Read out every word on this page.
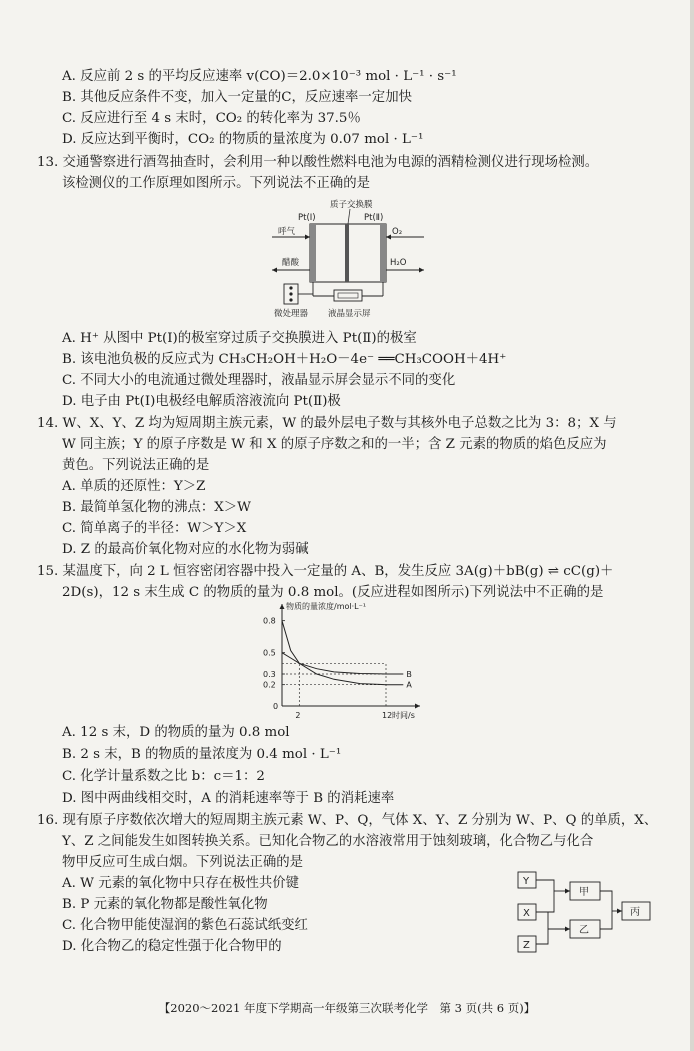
A. 反应前 2 s 的平均反应速率 v(CO)＝2.0×10⁻³ mol · L⁻¹ · s⁻¹
B. 其他反应条件不变，加入一定量的C，反应速率一定加快
C. 反应进行至 4 s 末时，CO₂ 的转化率为 37.5％
D. 反应达到平衡时，CO₂ 的物质的量浓度为 0.07 mol · L⁻¹
13. 交通警察进行酒驾抽查时，会利用一种以酸性燃料电池为电源的酒精检测仪进行现场检测。
该检测仪的工作原理如图所示。下列说法不正确的是
质子交换膜
Pt(Ⅰ)	Pt(Ⅱ)
呼气	O₂
醋酸	H₂O
微处理器 液晶显示屏
A. H⁺ 从图中 Pt(Ⅰ)的极室穿过质子交换膜进入 Pt(Ⅱ)的极室
B. 该电池负极的反应式为 CH₃CH₂OH＋H₂O－4e⁻ ══CH₃COOH＋4H⁺
C. 不同大小的电流通过微处理器时，液晶显示屏会显示不同的变化
D. 电子由 Pt(Ⅰ)电极经电解质溶液流向 Pt(Ⅱ)极
14. W、X、Y、Z 均为短周期主族元素，W 的最外层电子数与其核外电子总数之比为 3：8；X 与
W 同主族；Y 的原子序数是 W 和 X 的原子序数之和的一半；含 Z 元素的物质的焰色反应为
黄色。下列说法正确的是
A. 单质的还原性：Y＞Z
B. 最简单氢化物的沸点：X＞W
C. 简单离子的半径：W＞Y＞X
D. Z 的最高价氧化物对应的水化物为弱碱
15. 某温度下，向 2 L 恒容密闭容器中投入一定量的 A、B，发生反应 3A(g)＋bB(g) ⇌ cC(g)＋
2D(s)，12 s 末生成 C 的物质的量为 0.8 mol。(反应进程如图所示)下列说法中不正确的是
物质的量浓度/mol·L⁻¹
时间/s
0
0.8
0.5
0.3
0.2
2	12
A
B
A. 12 s 末，D 的物质的量为 0.8 mol
B. 2 s 末，B 的物质的量浓度为 0.4 mol · L⁻¹
C. 化学计量系数之比 b：c＝1：2
D. 图中两曲线相交时，A 的消耗速率等于 B 的消耗速率
16. 现有原子序数依次增大的短周期主族元素 W、P、Q，气体 X、Y、Z 分别为 W、P、Q 的单质，X、
Y、Z 之间能发生如图转换关系。已知化合物乙的水溶液常用于蚀刻玻璃，化合物乙与化合
物甲反应可生成白烟。下列说法正确的是
A. W 元素的氧化物中只存在极性共价键
B. P 元素的氧化物都是酸性氧化物
C. 化合物甲能使湿润的紫色石蕊试纸变红
D. 化合物乙的稳定性强于化合物甲的
Y
X
Z
甲
乙
丙
【2020～2021 年度下学期高一年级第三次联考化学　第 3 页(共 6 页)】
